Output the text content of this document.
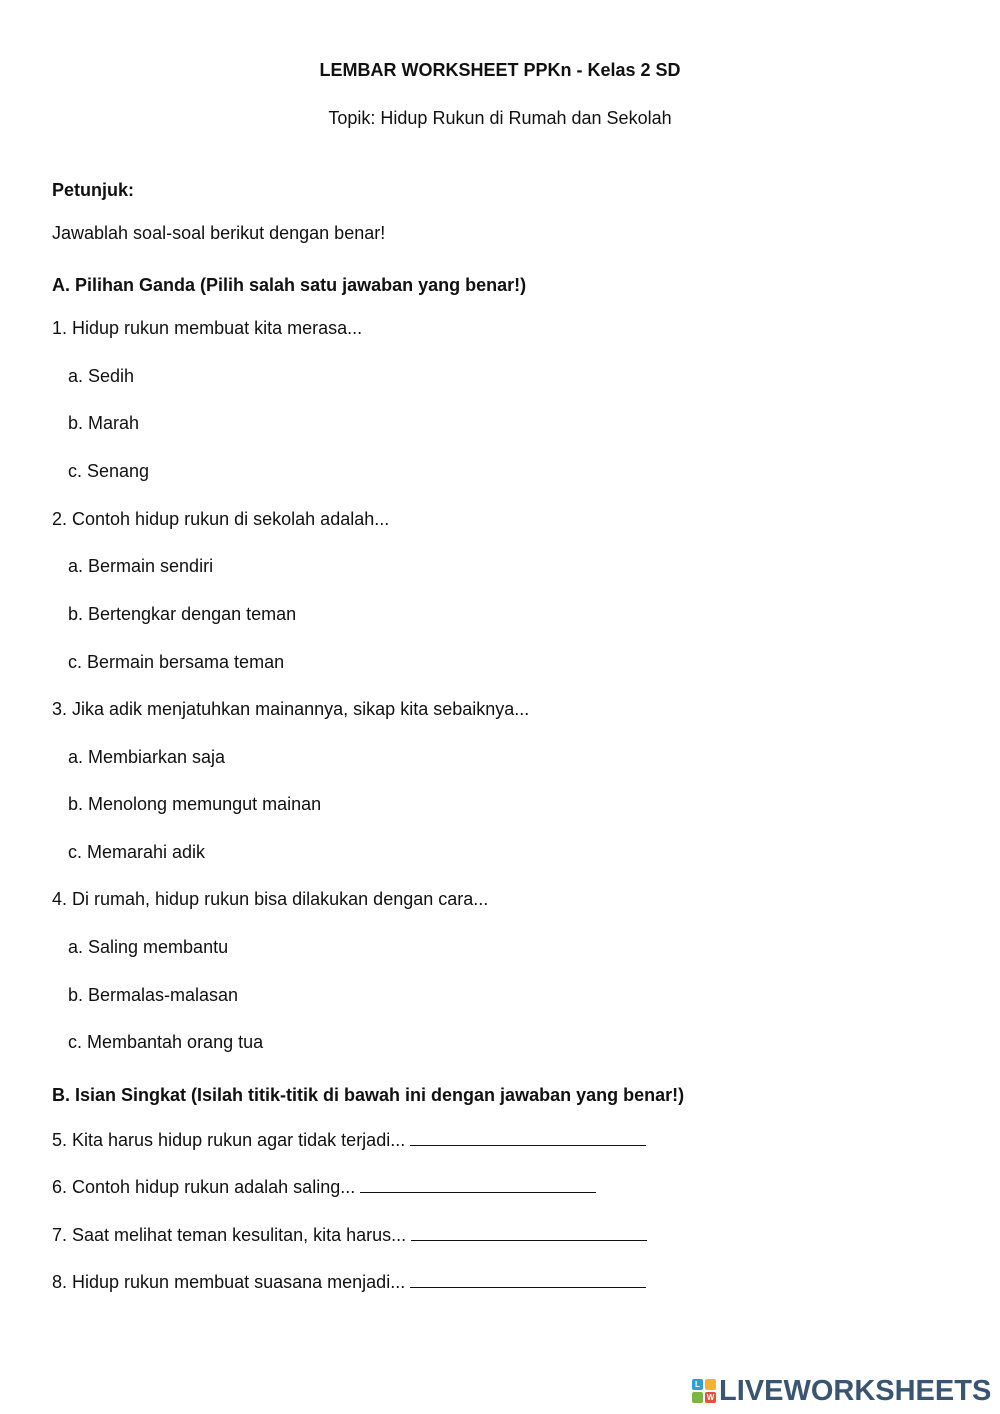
LEMBAR WORKSHEET PPKn - Kelas 2 SD
Topik: Hidup Rukun di Rumah dan Sekolah
Petunjuk:
Jawablah soal-soal berikut dengan benar!
A. Pilihan Ganda (Pilih salah satu jawaban yang benar!)
1. Hidup rukun membuat kita merasa...
a. Sedih
b. Marah
c. Senang
2. Contoh hidup rukun di sekolah adalah...
a. Bermain sendiri
b. Bertengkar dengan teman
c. Bermain bersama teman
3. Jika adik menjatuhkan mainannya, sikap kita sebaiknya...
a. Membiarkan saja
b. Menolong memungut mainan
c. Memarahi adik
4. Di rumah, hidup rukun bisa dilakukan dengan cara...
a. Saling membantu
b. Bermalas-malasan
c. Membantah orang tua
B. Isian Singkat (Isilah titik-titik di bawah ini dengan jawaban yang benar!)
5. Kita harus hidup rukun agar tidak terjadi...
6. Contoh hidup rukun adalah saling...
7. Saat melihat teman kesulitan, kita harus...
8. Hidup rukun membuat suasana menjadi...
L
W LIVEWORKSHEETS
